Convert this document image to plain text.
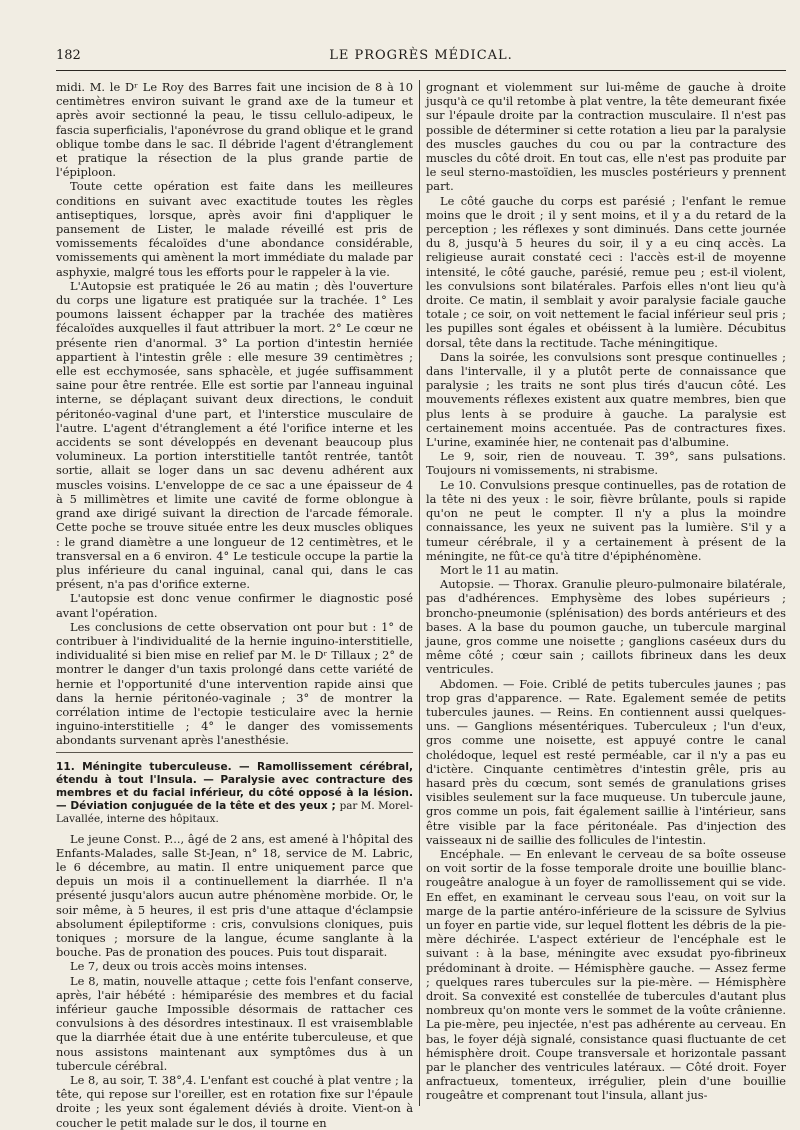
182	LE PROGRÈS MÉDICAL.

midi. M. le Dʳ Le Roy des Barres fait une incision de 8 à 10 centimètres environ suivant le grand axe de la tumeur et après avoir sectionné la peau, le tissu cellulo-adipeux, le fascia superficialis, l'aponévrose du grand oblique et le grand oblique tombe dans le sac. Il débride l'agent d'étranglement et pratique la résection de la plus grande partie de l'épiploon.

Toute cette opération est faite dans les meilleures conditions en suivant avec exactitude toutes les règles antiseptiques, lorsque, après avoir fini d'appliquer le pansement de Lister, le malade réveillé est pris de vomissements fécaloïdes d'une abondance considérable, vomissements qui amènent la mort immédiate du malade par asphyxie, malgré tous les efforts pour le rappeler à la vie.

L'Autopsie est pratiquée le 26 au matin ; dès l'ouverture du corps une ligature est pratiquée sur la trachée. 1° Les poumons laissent échapper par la trachée des matières fécaloïdes auxquelles il faut attribuer la mort. 2° Le cœur ne présente rien d'anormal. 3° La portion d'intestin herniée appartient à l'intestin grêle : elle mesure 39 centimètres ; elle est ecchymosée, sans sphacèle, et jugée suffisamment saine pour être rentrée. Elle est sortie par l'anneau inguinal interne, se déplaçant suivant deux directions, le conduit péritonéo-vaginal d'une part, et l'interstice musculaire de l'autre. L'agent d'étranglement a été l'orifice interne et les accidents se sont développés en devenant beaucoup plus volumineux. La portion interstitielle tantôt rentrée, tantôt sortie, allait se loger dans un sac devenu adhérent aux muscles voisins. L'enveloppe de ce sac a une épaisseur de 4 à 5 millimètres et limite une cavité de forme oblongue à grand axe dirigé suivant la direction de l'arcade fémorale. Cette poche se trouve située entre les deux muscles obliques : le grand diamètre a une longueur de 12 centimètres, et le transversal en a 6 environ. 4° Le testicule occupe la partie la plus inférieure du canal inguinal, canal qui, dans le cas présent, n'a pas d'orifice externe.

L'autopsie est donc venue confirmer le diagnostic posé avant l'opération.

Les conclusions de cette observation ont pour but : 1° de contribuer à l'individualité de la hernie inguino-interstitielle, individualité si bien mise en relief par M. le Dʳ Tillaux ; 2° de montrer le danger d'un taxis prolongé dans cette variété de hernie et l'opportunité d'une intervention rapide ainsi que dans la hernie péritonéo-vaginale ; 3° de montrer la corrélation intime de l'ectopie testiculaire avec la hernie inguino-interstitielle ; 4° le danger des vomissements abondants survenant après l'anesthésie.

11. Méningite tuberculeuse. — Ramollissement cérébral, étendu à tout l'Insula. — Paralysie avec contracture des membres et du facial inférieur, du côté opposé à la lésion. — Déviation conjuguée de la tête et des yeux ; par M. Morel-Lavallée, interne des hôpitaux.

Le jeune Const. P..., âgé de 2 ans, est amené à l'hôpital des Enfants-Malades, salle St-Jean, n° 18, service de M. Labric, le 6 décembre, au matin. Il entre uniquement parce que depuis un mois il a continuellement la diarrhée. Il n'a présenté jusqu'alors aucun autre phénomène morbide. Or, le soir même, à 5 heures, il est pris d'une attaque d'éclampsie absolument épileptiforme : cris, convulsions cloniques, puis toniques ; morsure de la langue, écume sanglante à la bouche. Pas de pronation des pouces. Puis tout disparait.

Le 7, deux ou trois accès moins intenses.

Le 8, matin, nouvelle attaque ; cette fois l'enfant conserve, après, l'air hébété : hémiparésie des membres et du facial inférieur gauche Impossible désormais de rattacher ces convulsions à des désordres intestinaux. Il est vraisemblable que la diarrhée était due à une entérite tuberculeuse, et que nous assistons maintenant aux symptômes dus à un tubercule cérébral.

Le 8, au soir, T. 38°,4. L'enfant est couché à plat ventre ; la tête, qui repose sur l'oreiller, est en rotation fixe sur l'épaule droite ; les yeux sont également déviés à droite. Vient-on à coucher le petit malade sur le dos, il tourne en

grognant et violemment sur lui-même de gauche à droite jusqu'à ce qu'il retombe à plat ventre, la tête demeurant fixée sur l'épaule droite par la contraction musculaire. Il n'est pas possible de déterminer si cette rotation a lieu par la paralysie des muscles gauches du cou ou par la contracture des muscles du côté droit. En tout cas, elle n'est pas produite par le seul sterno-mastoïdien, les muscles postérieurs y prennent part.

Le côté gauche du corps est parésié ; l'enfant le remue moins que le droit ; il y sent moins, et il y a du retard de la perception ; les réflexes y sont diminués. Dans cette journée du 8, jusqu'à 5 heures du soir, il y a eu cinq accès. La religieuse aurait constaté ceci : l'accès est-il de moyenne intensité, le côté gauche, parésié, remue peu ; est-il violent, les convulsions sont bilatérales. Parfois elles n'ont lieu qu'à droite. Ce matin, il semblait y avoir paralysie faciale gauche totale ; ce soir, on voit nettement le facial inférieur seul pris ; les pupilles sont égales et obéissent à la lumière. Décubitus dorsal, tête dans la rectitude. Tache méningitique.

Dans la soirée, les convulsions sont presque continuelles ; dans l'intervalle, il y a plutôt perte de connaissance que paralysie ; les traits ne sont plus tirés d'aucun côté. Les mouvements réflexes existent aux quatre membres, bien que plus lents à se produire à gauche. La paralysie est certainement moins accentuée. Pas de contractures fixes. L'urine, examinée hier, ne contenait pas d'albumine.

Le 9, soir, rien de nouveau. T. 39°, sans pulsations. Toujours ni vomissements, ni strabisme.

Le 10. Convulsions presque continuelles, pas de rotation de la tête ni des yeux : le soir, fièvre brûlante, pouls si rapide qu'on ne peut le compter. Il n'y a plus la moindre connaissance, les yeux ne suivent pas la lumière. S'il y a tumeur cérébrale, il y a certainement à présent de la méningite, ne fût-ce qu'à titre d'épiphénomène.

Mort le 11 au matin.

Autopsie. — Thorax. Granulie pleuro-pulmonaire bilatérale, pas d'adhérences. Emphysème des lobes supérieurs ; broncho-pneumonie (splénisation) des bords antérieurs et des bases. A la base du poumon gauche, un tubercule marginal jaune, gros comme une noisette ; ganglions caséeux durs du même côté ; cœur sain ; caillots fibrineux dans les deux ventricules.

Abdomen. — Foie. Criblé de petits tubercules jaunes ; pas trop gras d'apparence. — Rate. Egalement semée de petits tubercules jaunes. — Reins. En contiennent aussi quelques-uns. — Ganglions mésentériques. Tuberculeux ; l'un d'eux, gros comme une noisette, est appuyé contre le canal cholédoque, lequel est resté perméable, car il n'y a pas eu d'ictère. Cinquante centimètres d'intestin grêle, pris au hasard près du cœcum, sont semés de granulations grises visibles seulement sur la face muqueuse. Un tubercule jaune, gros comme un pois, fait également saillie à l'intérieur, sans être visible par la face péritonéale. Pas d'injection des vaisseaux ni de saillie des follicules de l'intestin.

Encéphale. — En enlevant le cerveau de sa boîte osseuse on voit sortir de la fosse temporale droite une bouillie blanc-rougeâtre analogue à un foyer de ramollissement qui se vide. En effet, en examinant le cerveau sous l'eau, on voit sur la marge de la partie antéro-inférieure de la scissure de Sylvius un foyer en partie vide, sur lequel flottent les débris de la pie-mère déchirée. L'aspect extérieur de l'encéphale est le suivant : à la base, méningite avec exsudat pyo-fibrineux prédominant à droite. — Hémisphère gauche. — Assez ferme ; quelques rares tubercules sur la pie-mère. — Hémisphère droit. Sa convexité est constellée de tubercules d'autant plus nombreux qu'on monte vers le sommet de la voûte crânienne. La pie-mère, peu injectée, n'est pas adhérente au cerveau. En bas, le foyer déjà signalé, consistance quasi fluctuante de cet hémisphère droit. Coupe transversale et horizontale passant par le plancher des ventricules latéraux. — Côté droit. Foyer anfractueux, tomenteux, irrégulier, plein d'une bouillie rougeâtre et comprenant tout l'insula, allant jus-
